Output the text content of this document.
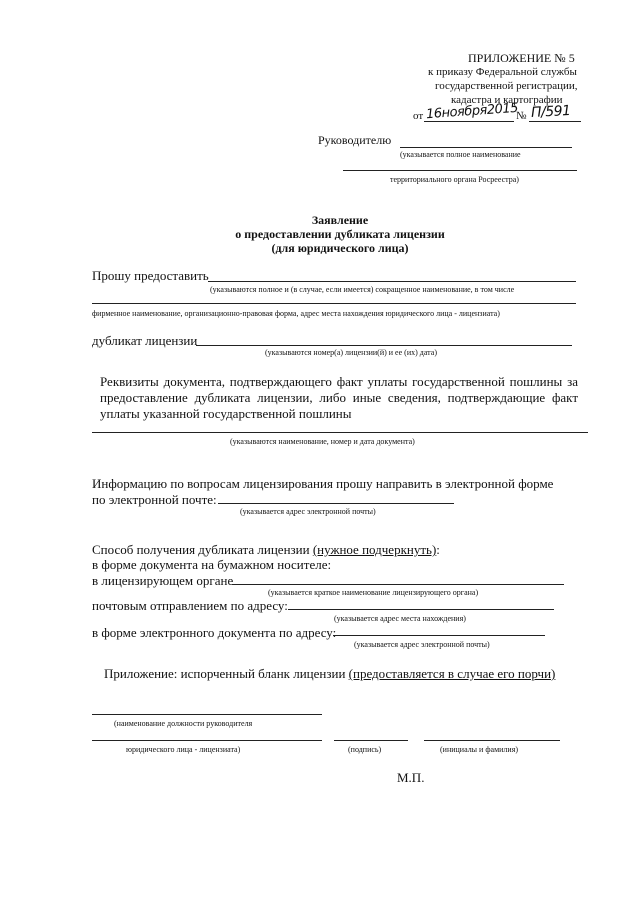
ПРИЛОЖЕНИЕ № 5
к приказу Федеральной службы
государственной регистрации,
кадастра и картографии
от 16ноября2015
№ П/591
Руководителю
(указывается полное наименование
территориального органа Росреестра)
Заявление
о предоставлении дубликата лицензии
(для юридического лица)
Прошу предоставить
(указываются полное и (в случае, если имеется) сокращенное наименование, в том числе
фирменное наименование, организационно-правовая форма, адрес места нахождения юридического лица - лицензиата)
дубликат лицензии
(указываются номер(а) лицензии(й) и ее (их) дата)
Реквизиты документа, подтверждающего факт уплаты государственной пошлины за предоставление дубликата лицензии, либо иные сведения, подтверждающие факт уплаты указанной государственной пошлины
(указываются наименование, номер и дата документа)
Информацию по вопросам лицензирования прошу направить в электронной форме
по электронной почте:
(указывается адрес электронной почты)
Способ получения дубликата лицензии (нужное подчеркнуть):
в форме документа на бумажном носителе:
в лицензирующем органе
(указывается краткое наименование лицензирующего органа)
почтовым отправлением по адресу:
(указывается адрес места нахождения)
в форме электронного документа по адресу:
(указывается адрес электронной почты)
Приложение: испорченный бланк лицензии (предоставляется в случае его порчи)
(наименование должности руководителя
юридического лица - лицензиата)	(подпись)	(инициалы и фамилия)
М.П.
